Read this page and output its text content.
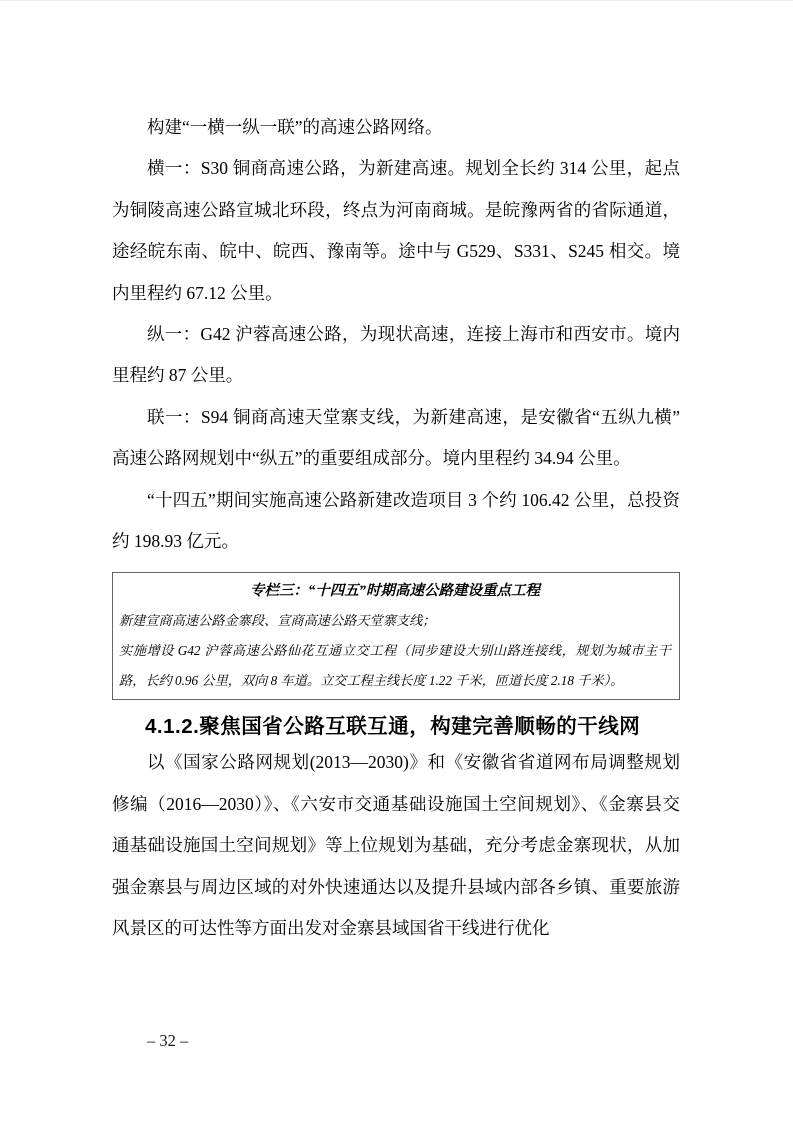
构建“一横一纵一联”的高速公路网络。

横一：S30 铜商高速公路，为新建高速。规划全长约 314 公里，起点为铜陵高速公路宣城北环段，终点为河南商城。是皖豫两省的省际通道，途经皖东南、皖中、皖西、豫南等。途中与 G529、S331、S245 相交。境内里程约 67.12 公里。

纵一：G42 沪蓉高速公路，为现状高速，连接上海市和西安市。境内里程约 87 公里。

联一：S94 铜商高速天堂寨支线，为新建高速，是安徽省“五纵九横”高速公路网规划中“纵五”的重要组成部分。境内里程约 34.94 公里。

“十四五”期间实施高速公路新建改造项目 3 个约 106.42 公里，总投资约 198.93 亿元。

专栏三：“十四五”时期高速公路建设重点工程

新建宣商高速公路金寨段、宣商高速公路天堂寨支线；

实施增设 G42 沪蓉高速公路仙花互通立交工程（同步建设大别山路连接线，规划为城市主干路，长约 0.96 公里，双向 8 车道。立交工程主线长度 1.22 千米，匝道长度 2.18 千米）。

4.1.2.聚焦国省公路互联互通，构建完善顺畅的干线网

以《国家公路网规划(2013—2030)》和《安徽省省道网布局调整规划修编（2016—2030）》、《六安市交通基础设施国土空间规划》、《金寨县交通基础设施国土空间规划》等上位规划为基础，充分考虑金寨现状，从加强金寨县与周边区域的对外快速通达以及提升县域内部各乡镇、重要旅游风景区的可达性等方面出发对金寨县域国省干线进行优化

– 32 –
